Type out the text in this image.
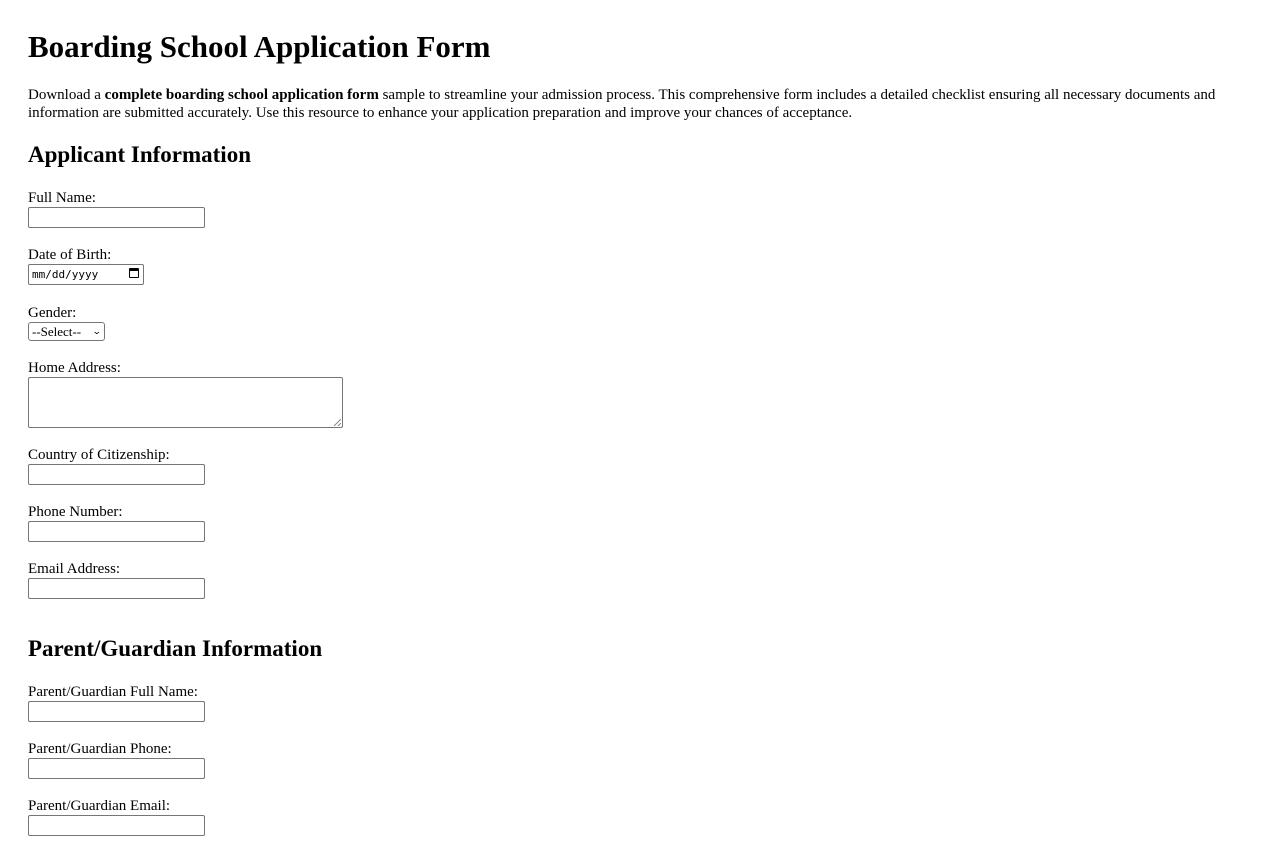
Boarding School Application Form

Download a complete boarding school application form sample to streamline your admission process. This comprehensive form includes a detailed checklist ensuring all necessary documents and information are submitted accurately. Use this resource to enhance your application preparation and improve your chances of acceptance.

Applicant Information
Full Name:
Date of Birth:
mm/dd/yyyy
Gender:
--Select-- ⌄
Home Address:
Country of Citizenship:
Phone Number:
Email Address:
Parent/Guardian Information
Parent/Guardian Full Name:
Parent/Guardian Phone:
Parent/Guardian Email:
